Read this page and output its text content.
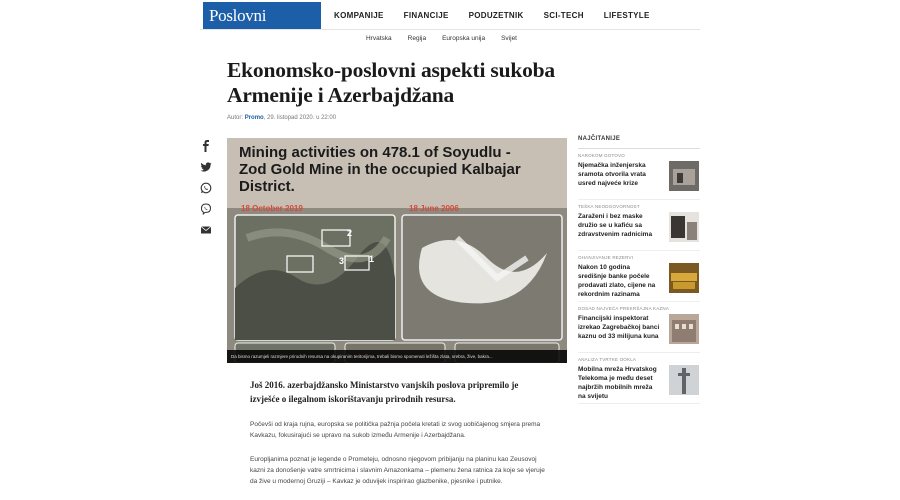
Poslovni dnevnik
KOMPANIJE	FINANCIJE	PODUZETNIK	SCI-TECH	LIFESTYLE
Hrvatska	Regija	Europska unija	Svijet
Ekonomsko-poslovni aspekti sukoba Armenije i Azerbajdžana
Autor: Promo, 29. listopad 2020. u 22:00
Mining activities on 478.1 of Soyudlu - Zod Gold Mine in the occupied Kalbajar District.
18 October 2019	18 June 2006
2
3	1
Da bismo razumjeli razmjere prirodnih resursa na okupiranim teritorijima, trebali bismo spomenuti ležišta zlata, srebra, žive, bakra...

Još 2016. azerbajdžansko Ministarstvo vanjskih poslova pripremilo je izvješće o ilegalnom iskorištavanju prirodnih resursa.

Počevši od kraja rujna, europska se politička pažnja počela kretati iz svog uobičajenog smjera prema Kavkazu, fokusirajući se upravo na sukob između Armenije i Azerbajdžana.

Europljanima poznat je legende o Prometeju, odnosno njegovom pribijanju na planinu kao Zeusovoj kazni za donošenje vatre smrtnicima i slavnim Amazonkama – plemenu žena ratnica za koje se vjeruje da žive u modernoj Gruziji – Kavkaz je oduvijek inspirirao glazbenike, pjesnike i putnike.

NAJČITANIJE
NAROKOM GOTOVO
Njemačka inženjerska sramota otvorila vrata usred najveće krize
TEŠKA NEODGOVORNOST
Zaraženi i bez maske družio se u kafiću sa zdravstvenim radnicima
OHANJIVANJE REZERVI
Nakon 10 godina središnje banke počele prodavati zlato, cijene na rekordnim razinama
DOSAD NAJVEĆA PREKRŠAJNA KAZNA
Financijski inspektorat izrekao Zagrebačkoj banci kaznu od 33 milijuna kuna
ANALIZA TVRTKE OOKLA
Mobilna mreža Hrvatskog Telekoma je među deset najbržih mobilnih mreža na svijetu
